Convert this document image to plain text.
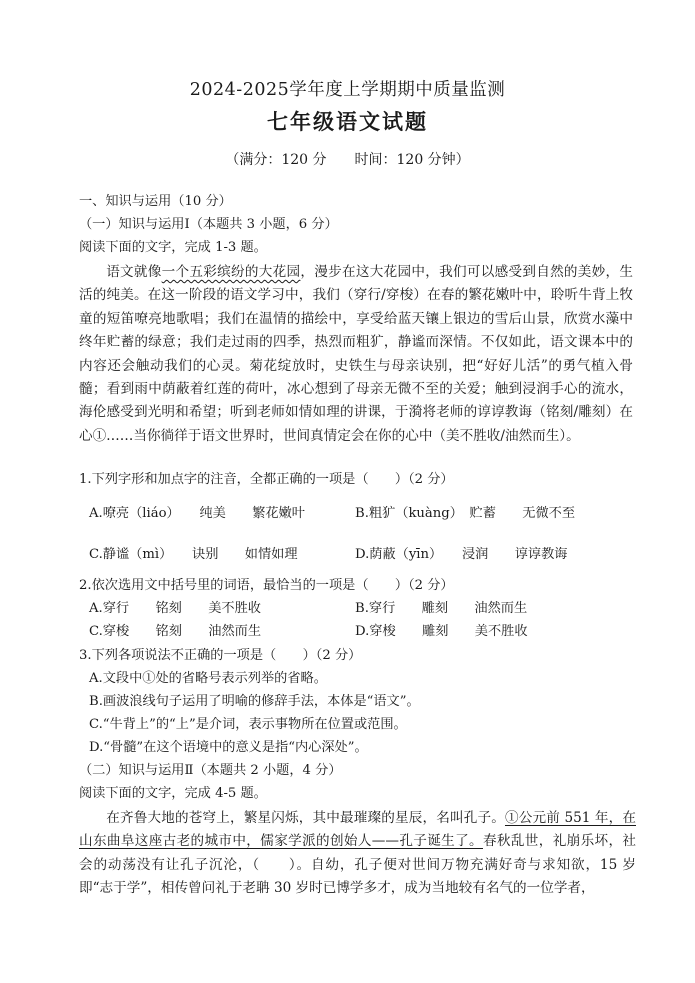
2024-2025学年度上学期期中质量监测
七年级语文试题
（满分：120 分　　时间：120 分钟）
一、知识与运用（10 分）
（一）知识与运用Ⅰ（本题共 3 小题，6 分）
阅读下面的文字，完成 1-3 题。
语文就像一个五彩缤纷的大花园，漫步在这大花园中，我们可以感受到自然的美妙，生活的纯美。在这一阶段的语文学习中，我们（穿行/穿梭）在春的繁花嫩叶中，聆听牛背上牧童的短笛嘹亮地歌唱；我们在温情的描绘中，享受给蓝天镶上银边的雪后山景，欣赏水藻中终年贮蓄的绿意；我们走过雨的四季，热烈而粗犷，静谧而深情。不仅如此，语文课本中的内容还会触动我们的心灵。菊花绽放时，史铁生与母亲诀别，把“好好儿活”的勇气植入骨髓；看到雨中荫蔽着红莲的荷叶，冰心想到了母亲无微不至的关爱；触到浸润手心的流水，海伦感受到光明和希望；听到老师如情如理的讲课，于漪将老师的谆谆教诲（铭刻/雕刻）在心①……当你徜徉于语文世界时，世间真情定会在你的心中（美不胜收/油然而生）。
1.下列字形和加点字的注音，全都正确的一项是（　　）（2 分）
A.嘹亮（liáo）　　纯美　　繁花嫩叶	B.粗犷（kuàng）　贮蓄　　无微不至
C.静谧（mì）　　诀别　　如情如理	D.荫蔽（yīn）　　浸润　　谆谆教诲
2.依次选用文中括号里的词语，最恰当的一项是（　　）（2 分）
A.穿行　　铭刻　　美不胜收	B.穿行　　雕刻　　油然而生
C.穿梭　　铭刻　　油然而生	D.穿梭　　雕刻　　美不胜收
3.下列各项说法不正确的一项是（　　）（2 分）
A.文段中①处的省略号表示列举的省略。
B.画波浪线句子运用了明喻的修辞手法，本体是“语文”。
C.“牛背上”的“上”是介词，表示事物所在位置或范围。
D.“骨髓”在这个语境中的意义是指“内心深处”。
（二）知识与运用Ⅱ（本题共 2 小题，4 分）
阅读下面的文字，完成 4-5 题。
在齐鲁大地的苍穹上，繁星闪烁，其中最璀璨的星辰，名叫孔子。①公元前 551 年，在山东曲阜这座古老的城市中，儒家学派的创始人——孔子诞生了。春秋乱世，礼崩乐坏，社会的动荡没有让孔子沉沦，（　　）。自幼，孔子便对世间万物充满好奇与求知欲，15 岁即“志于学”，相传曾问礼于老聃 30 岁时已博学多才，成为当地较有名气的一位学者，
